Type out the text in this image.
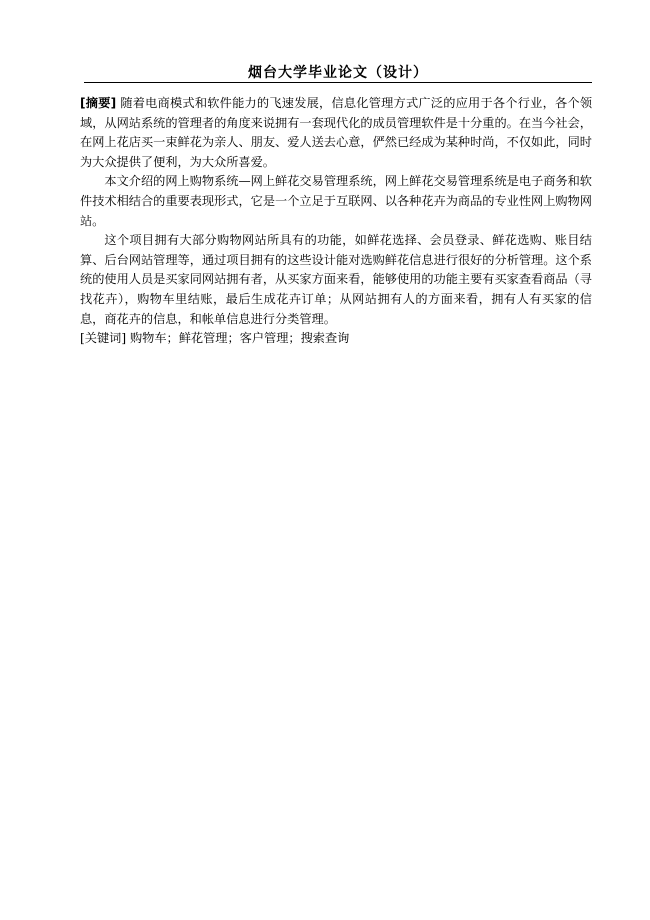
烟台大学毕业论文（设计）

[摘要] 随着电商模式和软件能力的飞速发展，信息化管理方式广泛的应用于各个行业，各个领域，从网站系统的管理者的角度来说拥有一套现代化的成员管理软件是十分重的。在当今社会，在网上花店买一束鲜花为亲人、朋友、爱人送去心意，俨然已经成为某种时尚，不仅如此，同时为大众提供了便利，为大众所喜爱。

本文介绍的网上购物系统—网上鲜花交易管理系统，网上鲜花交易管理系统是电子商务和软件技术相结合的重要表现形式，它是一个立足于互联网、以各种花卉为商品的专业性网上购物网站。

这个项目拥有大部分购物网站所具有的功能，如鲜花选择、会员登录、鲜花选购、账目结算、后台网站管理等，通过项目拥有的这些设计能对选购鲜花信息进行很好的分析管理。这个系统的使用人员是买家同网站拥有者，从买家方面来看，能够使用的功能主要有买家查看商品（寻找花卉），购物车里结账，最后生成花卉订单；从网站拥有人的方面来看，拥有人有买家的信息，商花卉的信息，和帐单信息进行分类管理。

[关键词] 购物车；鲜花管理；客户管理；搜索查询
